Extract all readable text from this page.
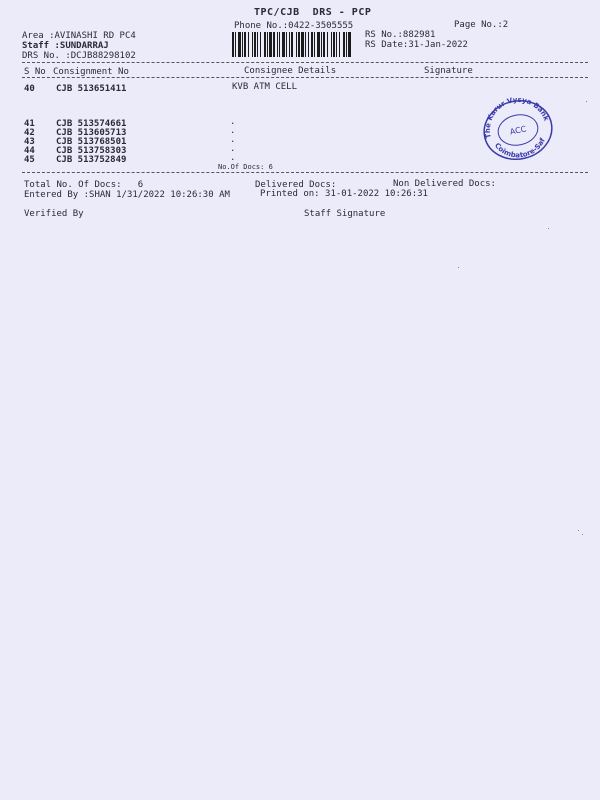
TPC/CJB  DRS - PCP
Phone No.:0422-3505555	Page No.:2
Area :AVINASHI RD PC4
Staff :SUNDARRAJ
DRS No. :DCJB88298102
RS No.:882981
RS Date:31-Jan-2022
S No Consignment No	Consignee Details	Signature
40 CJB 513651411	KVB ATM CELL
41 CJB 513574661	.
42 CJB 513605713	.
43 CJB 513768501	.
44 CJB 513758303	.
45 CJB 513752849	.
No.Of Docs: 6
Total No. Of Docs:   6	Delivered Docs:	Non Delivered Docs:
Entered By :SHAN 1/31/2022 10:26:30 AM	Printed on: 31-01-2022 10:26:31
Verified By	Staff Signature
The Karur Vysya Bank
Coimbatore-Saf
ACC
